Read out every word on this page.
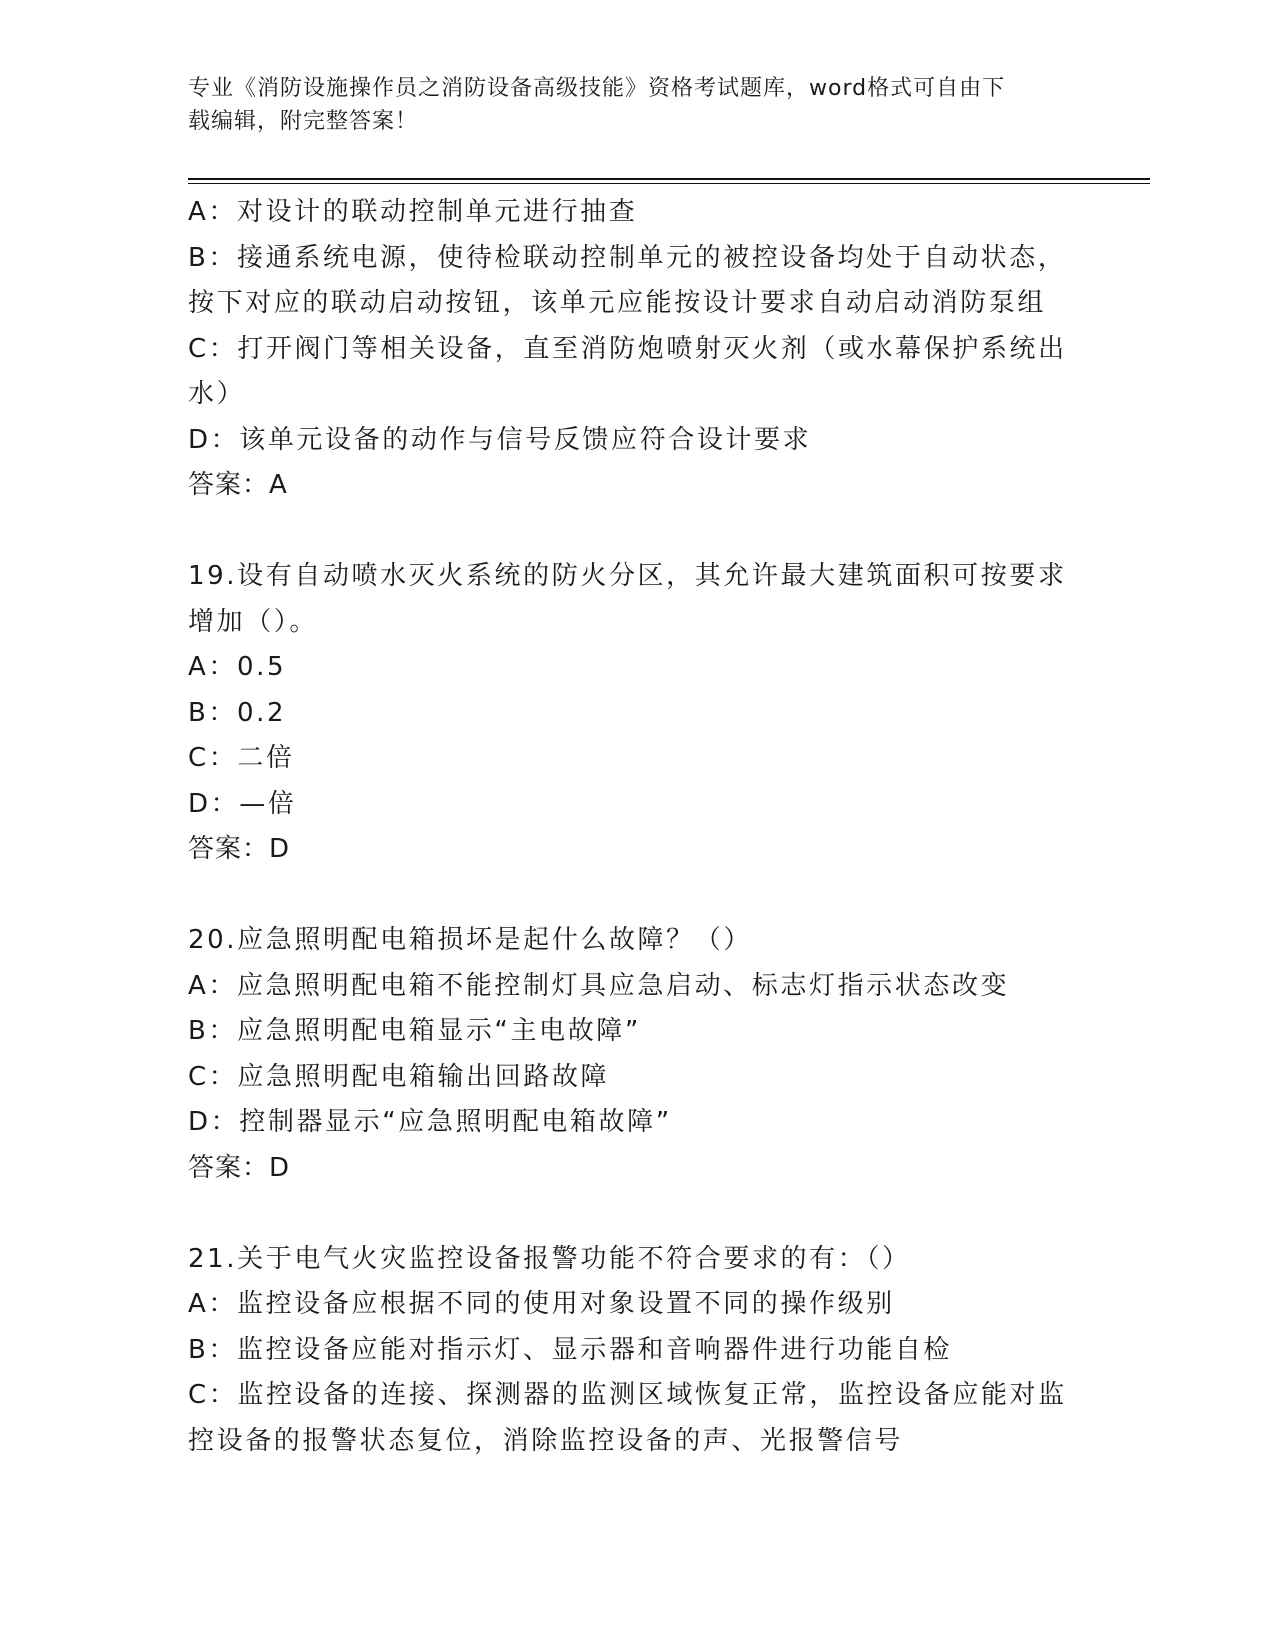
专业《消防设施操作员之消防设备高级技能》资格考试题库，word格式可自由下

载编辑，附完整答案！

A：对设计的联动控制单元进行抽查

B：接通系统电源，使待检联动控制单元的被控设备均处于自动状态，

按下对应的联动启动按钮，该单元应能按设计要求自动启动消防泵组

C：打开阀门等相关设备，直至消防炮喷射灭火剂（或水幕保护系统出

水）

D：该单元设备的动作与信号反馈应符合设计要求

答案：A

19.设有自动喷水灭火系统的防火分区，其允许最大建筑面积可按要求

增加（）。

A：0.5

B：0.2

C：二倍

D：—倍

答案：D

20.应急照明配电箱损坏是起什么故障？（）

A：应急照明配电箱不能控制灯具应急启动、标志灯指示状态改变

B：应急照明配电箱显示“主电故障”

C：应急照明配电箱输出回路故障

D：控制器显示“应急照明配电箱故障”

答案：D

21.关于电气火灾监控设备报警功能不符合要求的有：（）

A：监控设备应根据不同的使用对象设置不同的操作级别

B：监控设备应能对指示灯、显示器和音响器件进行功能自检

C：监控设备的连接、探测器的监测区域恢复正常，监控设备应能对监

控设备的报警状态复位，消除监控设备的声、光报警信号
